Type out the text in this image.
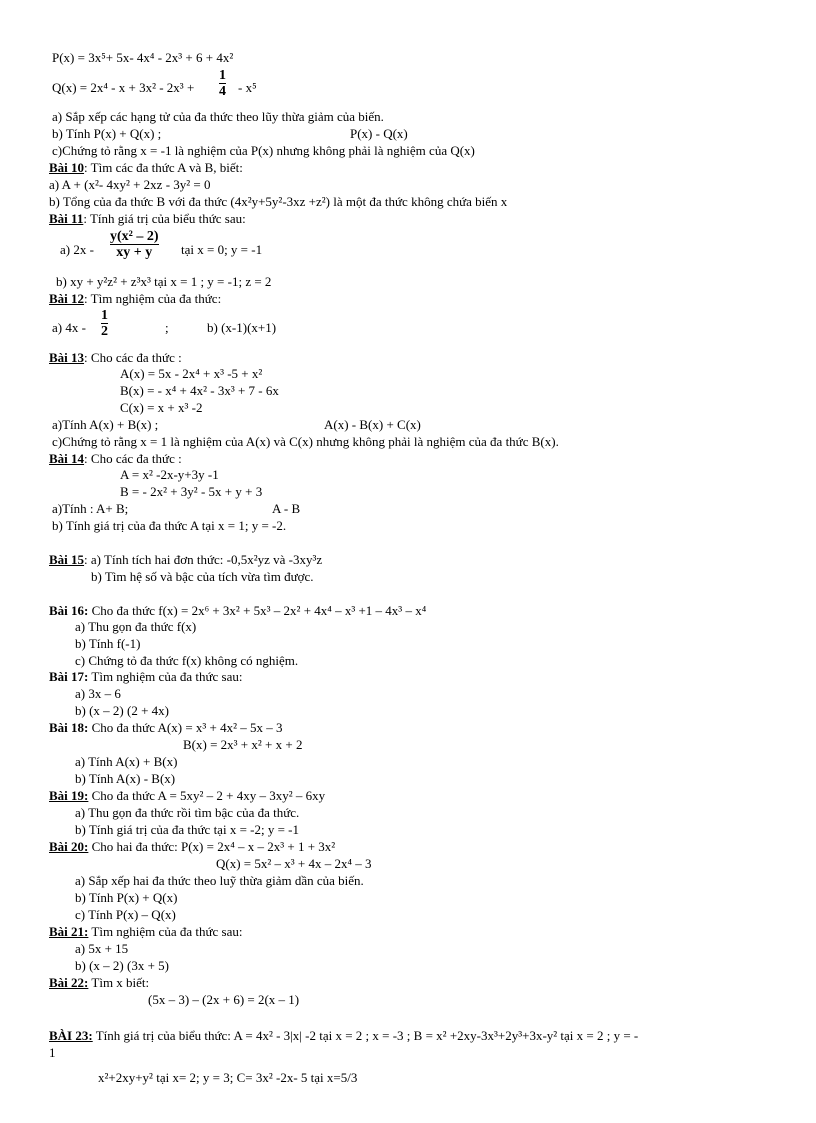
P(x) = 3x⁵+ 5x- 4x⁴ - 2x³ + 6 + 4x²
Q(x) = 2x⁴ - x + 3x² - 2x³ +
1
4 - x⁵
a) Sắp xếp các hạng tử của đa thức theo lũy thừa giảm của biến.
b) Tính P(x) + Q(x) ;	P(x) - Q(x)
c)Chứng tỏ rằng x = -1 là nghiệm của P(x) nhưng không phải là nghiệm của Q(x)
Bài 10: Tìm các đa thức A và B, biết:
a) A + (x²- 4xy² + 2xz - 3y² = 0
b) Tổng của đa thức B với đa thức (4x²y+5y²-3xz +z²) là một đa thức không chứa biến x
Bài 11: Tính giá trị của biểu thức sau:
a) 2x -
y(x² – 2)
xy + y tại x = 0; y = -1
b) xy + y²z² + z³x³ tại x = 1 ; y = -1; z = 2
Bài 12: Tìm nghiệm của đa thức:
a) 4x -
1
2	;	b) (x-1)(x+1)
Bài 13: Cho các đa thức :
A(x) = 5x - 2x⁴ + x³ -5 + x²
B(x) = - x⁴ + 4x² - 3x³ + 7 - 6x
C(x) = x + x³ -2
a)Tính A(x) + B(x) ;	A(x) - B(x) + C(x)
c)Chứng tỏ rằng x = 1 là nghiệm của A(x) và C(x) nhưng không phải là nghiệm của đa thức B(x).
Bài 14: Cho các đa thức :
A = x² -2x-y+3y -1
B = - 2x² + 3y² - 5x + y + 3
a)Tính : A+ B;	A - B
b) Tính giá trị của đa thức A tại x = 1; y = -2.
Bài 15: a) Tính tích hai đơn thức: -0,5x²yz và -3xy³z
b) Tìm hệ số và bậc của tích vừa tìm được.
Bài 16: Cho đa thức f(x) = 2x⁶ + 3x² + 5x³ – 2x² + 4x⁴ – x³ +1 – 4x³ – x⁴
a) Thu gọn đa thức f(x)
b) Tính f(-1)
c) Chứng tỏ đa thức f(x) không có nghiệm.
Bài 17: Tìm nghiệm của đa thức sau:
a) 3x – 6
b) (x – 2) (2 + 4x)
Bài 18: Cho đa thức A(x) = x³ + 4x² – 5x – 3
B(x) = 2x³ + x² + x + 2
a) Tính A(x) + B(x)
b) Tính A(x) - B(x)
Bài 19: Cho đa thức A = 5xy² – 2 + 4xy – 3xy² – 6xy
a) Thu gọn đa thức rồi tìm bậc của đa thức.
b) Tính giá trị của đa thức tại x = -2; y = -1
Bài 20: Cho hai đa thức: P(x) = 2x⁴ – x – 2x³ + 1 + 3x²
Q(x) = 5x² – x³ + 4x – 2x⁴ – 3
a) Sắp xếp hai đa thức theo luỹ thừa giảm dần của biến.
b) Tính P(x) + Q(x)
c) Tính P(x) – Q(x)
Bài 21: Tìm nghiệm của đa thức sau:
a) 5x + 15
b) (x – 2) (3x + 5)
Bài 22: Tìm x biết:
(5x – 3) – (2x + 6) = 2(x – 1)
BÀI 23: Tính giá trị của biểu thức: A = 4x² - 3|x| -2 tại x = 2 ; x = -3 ; B = x² +2xy-3x³+2y³+3x-y² tại x = 2 ; y = -
1
x²+2xy+y² tại x= 2; y = 3; C= 3x² -2x- 5 tại x=5/3
